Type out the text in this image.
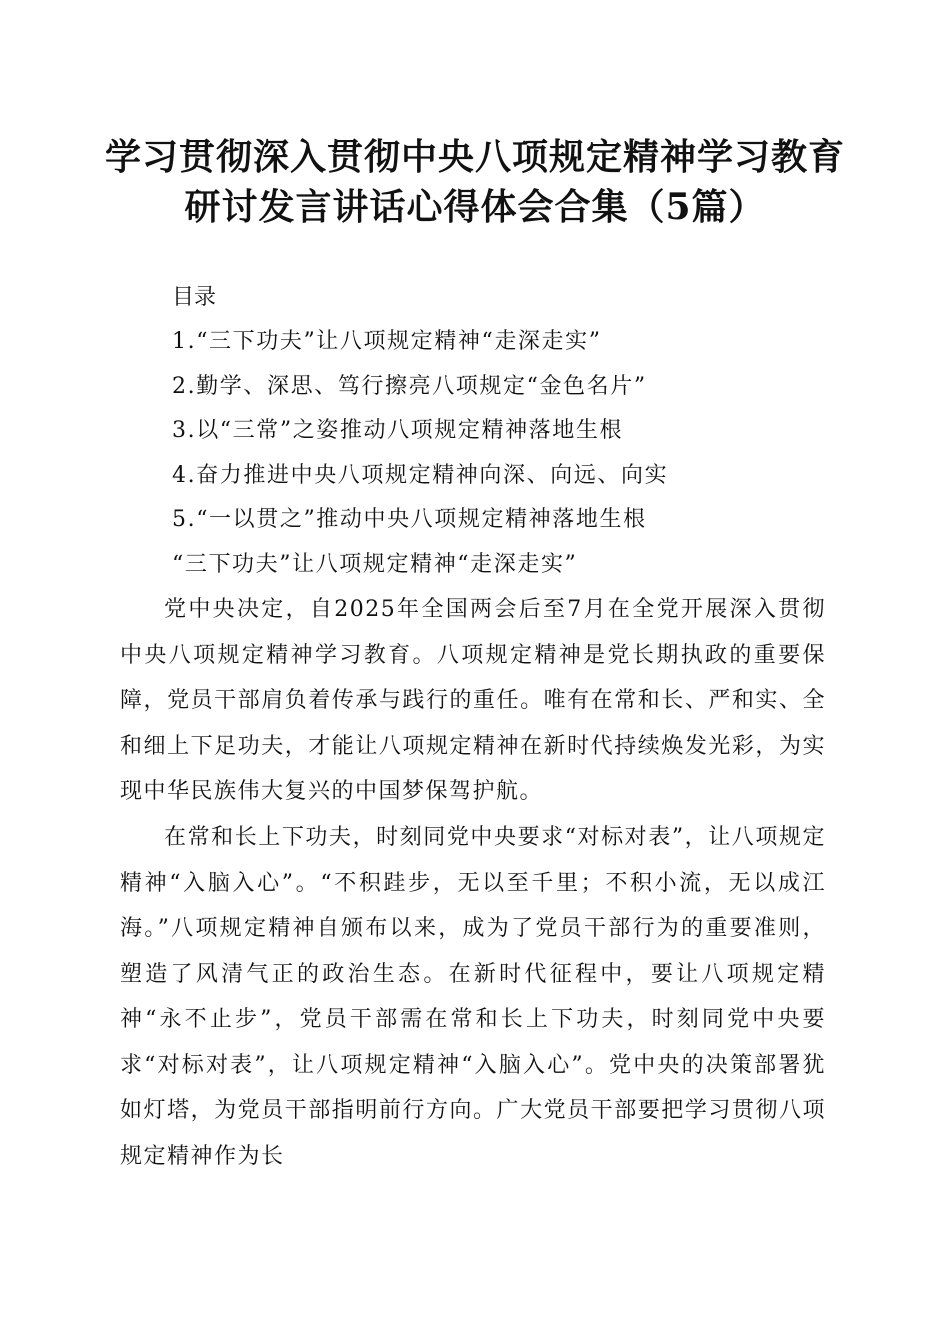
学习贯彻深入贯彻中央八项规定精神学习教育
研讨发言讲话心得体会合集（5篇）
目录
1.“三下功夫”让八项规定精神“走深走实”
2.勤学、深思、笃行擦亮八项规定“金色名片”
3.以“三常”之姿推动八项规定精神落地生根
4.奋力推进中央八项规定精神向深、向远、向实
5.“一以贯之”推动中央八项规定精神落地生根
“三下功夫”让八项规定精神“走深走实”

党中央决定，自2025年全国两会后至7月在全党开展深入贯彻中央八项规定精神学习教育。八项规定精神是党长期执政的重要保障，党员干部肩负着传承与践行的重任。唯有在常和长、严和实、全和细上下足功夫，才能让八项规定精神在新时代持续焕发光彩，为实现中华民族伟大复兴的中国梦保驾护航。

在常和长上下功夫，时刻同党中央要求“对标对表”，让八项规定精神“入脑入心”。“不积跬步，无以至千里；不积小流，无以成江海。”八项规定精神自颁布以来，成为了党员干部行为的重要准则，塑造了风清气正的政治生态。在新时代征程中，要让八项规定精神“永不止步”，党员干部需在常和长上下功夫，时刻同党中央要求“对标对表”，让八项规定精神“入脑入心”。党中央的决策部署犹如灯塔，为党员干部指明前行方向。广大党员干部要把学习贯彻八项规定精神作为长
